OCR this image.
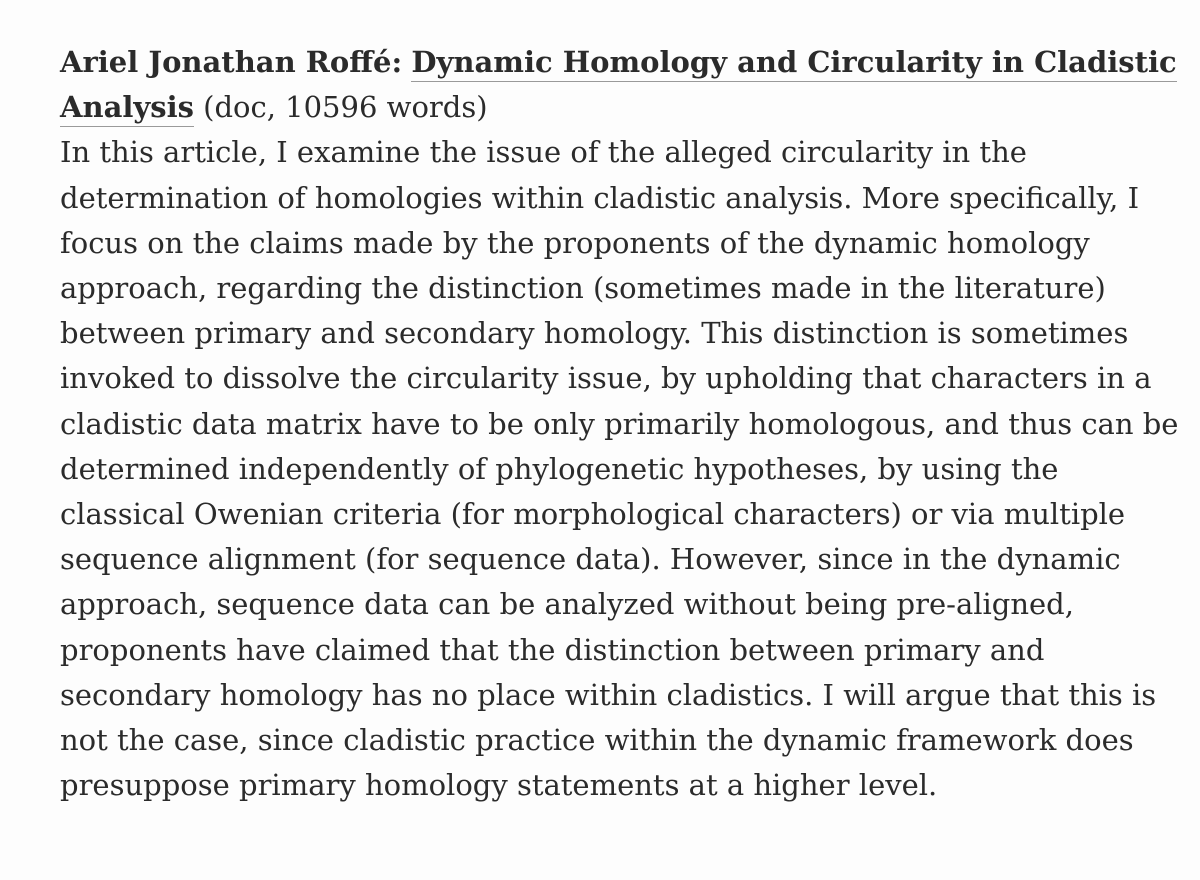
Ariel Jonathan Roffé: Dynamic Homology and Circularity in Cladistic Analysis (doc, 10596 words)

In this article, I examine the issue of the alleged circularity in the determination of homologies within cladistic analysis. More specifically, I focus on the claims made by the proponents of the dynamic homology approach, regarding the distinction (sometimes made in the literature) between primary and secondary homology. This distinction is sometimes invoked to dissolve the circularity issue, by upholding that characters in a cladistic data matrix have to be only primarily homologous, and thus can be determined independently of phylogenetic hypotheses, by using the classical Owenian criteria (for morphological characters) or via multiple sequence alignment (for sequence data). However, since in the dynamic approach, sequence data can be analyzed without being pre-aligned, proponents have claimed that the distinction between primary and secondary homology has no place within cladistics. I will argue that this is not the case, since cladistic practice within the dynamic framework does presuppose primary homology statements at a higher level.
